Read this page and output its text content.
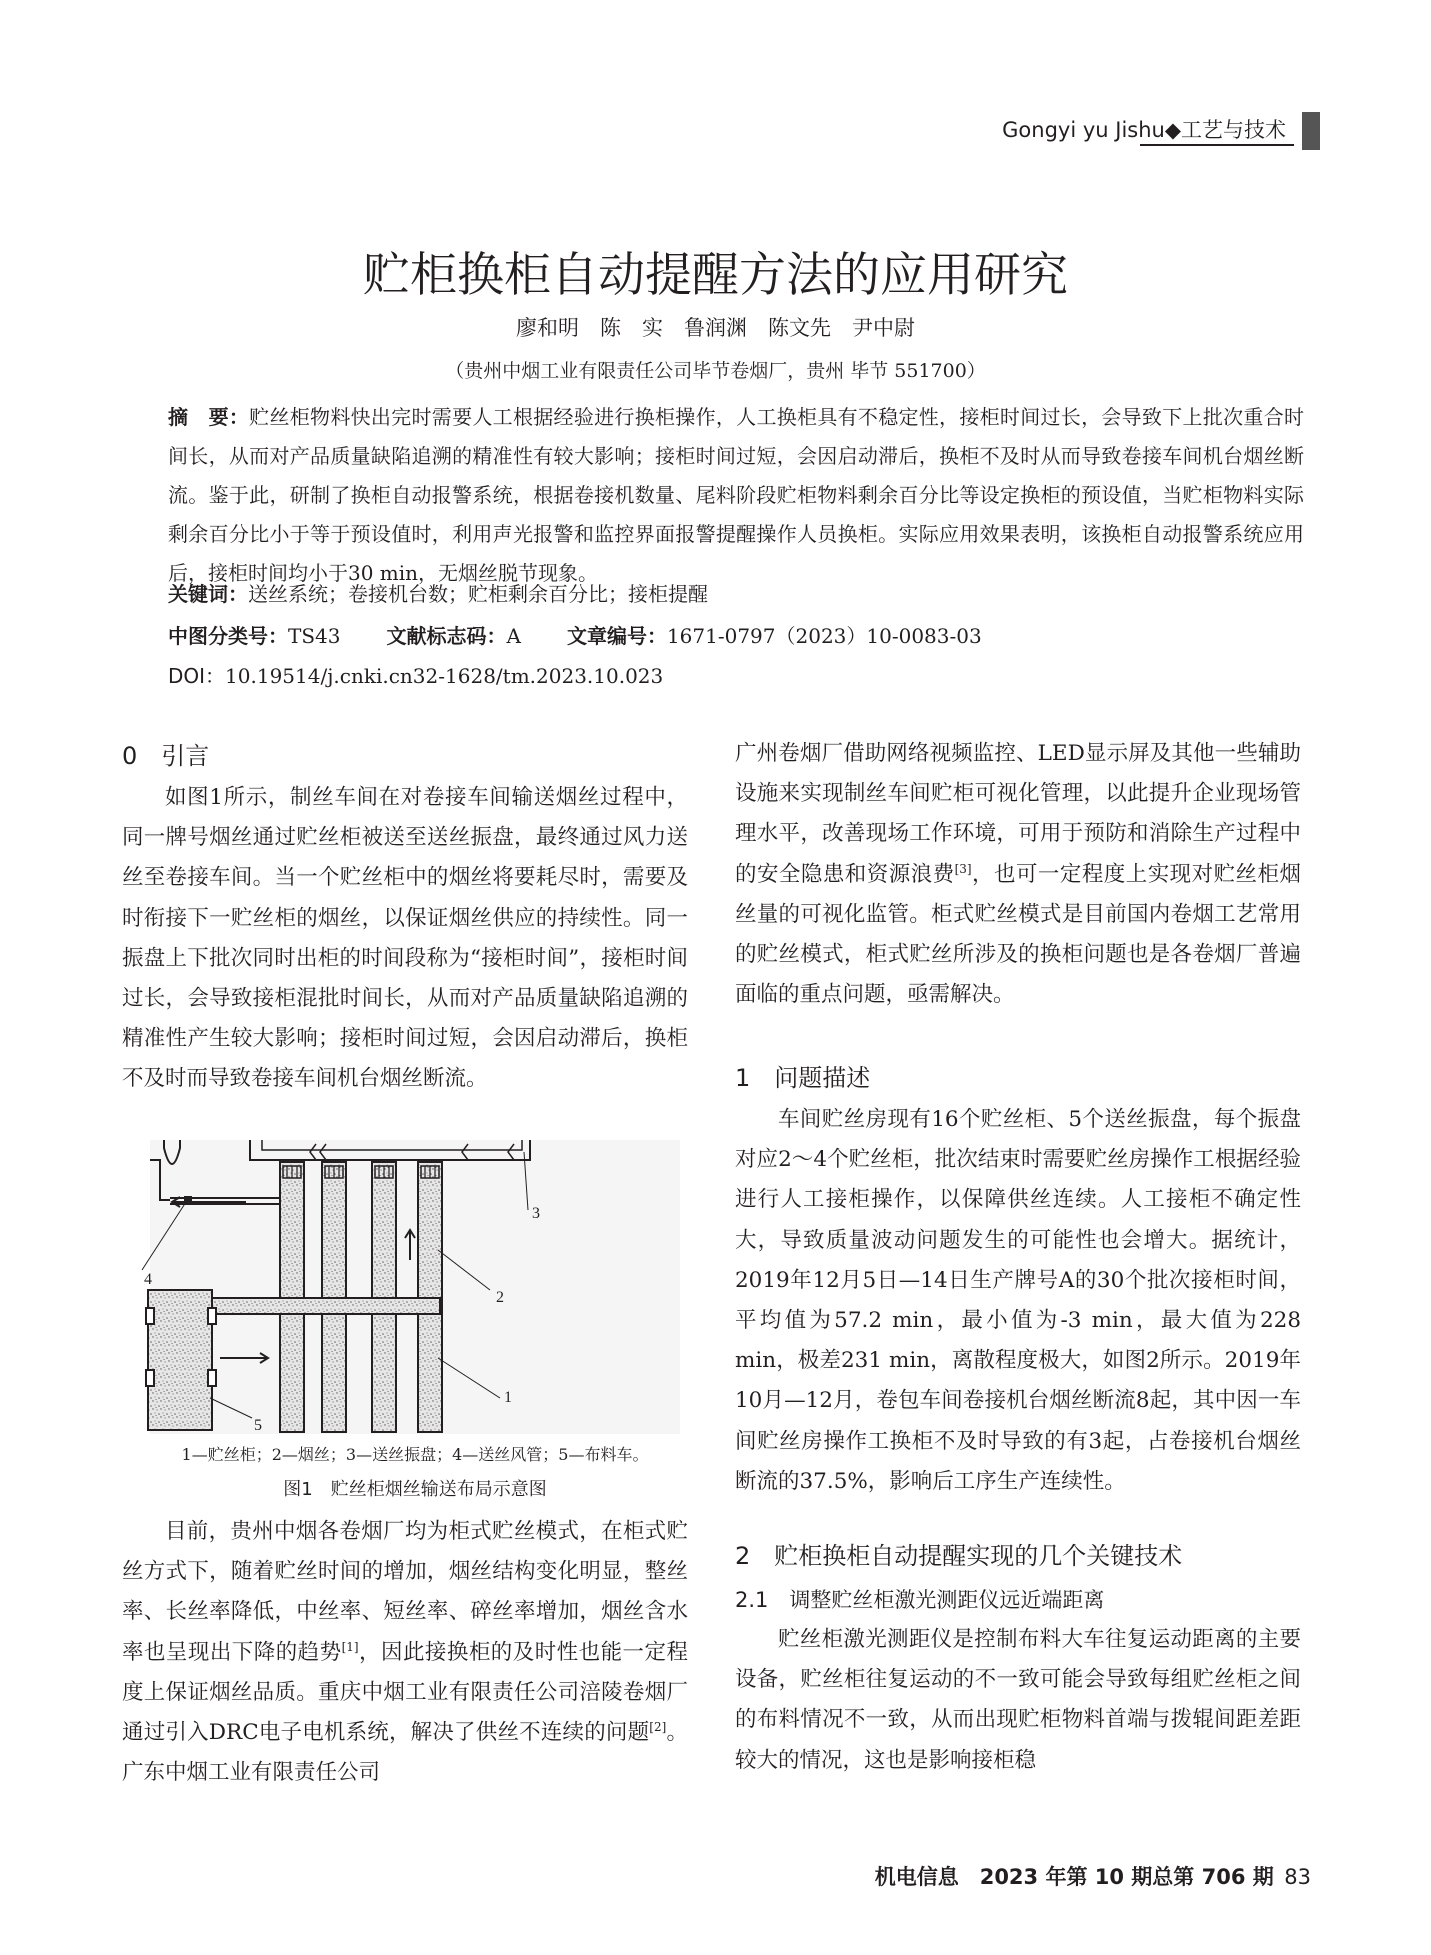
Gongyi yu Jishu◆工艺与技术
贮柜换柜自动提醒方法的应用研究
廖和明　陈　实　鲁润渊　陈文先　尹中尉
（贵州中烟工业有限责任公司毕节卷烟厂，贵州 毕节 551700）
摘　要：贮丝柜物料快出完时需要人工根据经验进行换柜操作，人工换柜具有不稳定性，接柜时间过长，会导致下上批次重合时间长，从而对产品质量缺陷追溯的精准性有较大影响；接柜时间过短，会因启动滞后，换柜不及时从而导致卷接车间机台烟丝断流。鉴于此，研制了换柜自动报警系统，根据卷接机数量、尾料阶段贮柜物料剩余百分比等设定换柜的预设值，当贮柜物料实际剩余百分比小于等于预设值时，利用声光报警和监控界面报警提醒操作人员换柜。实际应用效果表明，该换柜自动报警系统应用后，接柜时间均小于30 min，无烟丝脱节现象。
关键词：送丝系统；卷接机台数；贮柜剩余百分比；接柜提醒
中图分类号：TS43 文献标志码：A 文章编号：1671-0797（2023）10-0083-03
DOI：10.19514/j.cnki.cn32-1628/tm.2023.10.023
0　引言
如图1所示，制丝车间在对卷接车间输送烟丝过程中，同一牌号烟丝通过贮丝柜被送至送丝振盘，最终通过风力送丝至卷接车间。当一个贮丝柜中的烟丝将要耗尽时，需要及时衔接下一贮丝柜的烟丝，以保证烟丝供应的持续性。同一振盘上下批次同时出柜的时间段称为“接柜时间”，接柜时间过长，会导致接柜混批时间长，从而对产品质量缺陷追溯的精准性产生较大影响；接柜时间过短，会因启动滞后，换柜不及时而导致卷接车间机台烟丝断流。
3
2
1
4
5
1—贮丝柜；2—烟丝；3—送丝振盘；4—送丝风管；5—布料车。
图1　贮丝柜烟丝输送布局示意图
目前，贵州中烟各卷烟厂均为柜式贮丝模式，在柜式贮丝方式下，随着贮丝时间的增加，烟丝结构变化明显，整丝率、长丝率降低，中丝率、短丝率、碎丝率增加，烟丝含水率也呈现出下降的趋势[1]，因此接换柜的及时性也能一定程度上保证烟丝品质。重庆中烟工业有限责任公司涪陵卷烟厂通过引入DRC电子电机系统，解决了供丝不连续的问题[2]。广东中烟工业有限责任公司
广州卷烟厂借助网络视频监控、LED显示屏及其他一些辅助设施来实现制丝车间贮柜可视化管理，以此提升企业现场管理水平，改善现场工作环境，可用于预防和消除生产过程中的安全隐患和资源浪费[3]，也可一定程度上实现对贮丝柜烟丝量的可视化监管。柜式贮丝模式是目前国内卷烟工艺常用的贮丝模式，柜式贮丝所涉及的换柜问题也是各卷烟厂普遍面临的重点问题，亟需解决。
1　问题描述
车间贮丝房现有16个贮丝柜、5个送丝振盘，每个振盘对应2～4个贮丝柜，批次结束时需要贮丝房操作工根据经验进行人工接柜操作，以保障供丝连续。人工接柜不确定性大，导致质量波动问题发生的可能性也会增大。据统计，2019年12月5日—14日生产牌号A的30个批次接柜时间，平均值为57.2 min，最小值为-3 min，最大值为228 min，极差231 min，离散程度极大，如图2所示。2019年10月—12月，卷包车间卷接机台烟丝断流8起，其中因一车间贮丝房操作工换柜不及时导致的有3起，占卷接机台烟丝断流的37.5%，影响后工序生产连续性。
2　贮柜换柜自动提醒实现的几个关键技术
2.1　调整贮丝柜激光测距仪远近端距离
贮丝柜激光测距仪是控制布料大车往复运动距离的主要设备，贮丝柜往复运动的不一致可能会导致每组贮丝柜之间的布料情况不一致，从而出现贮柜物料首端与拨辊间距差距较大的情况，这也是影响接柜稳
机电信息　 2023 年第 10 期总第 706 期  83
